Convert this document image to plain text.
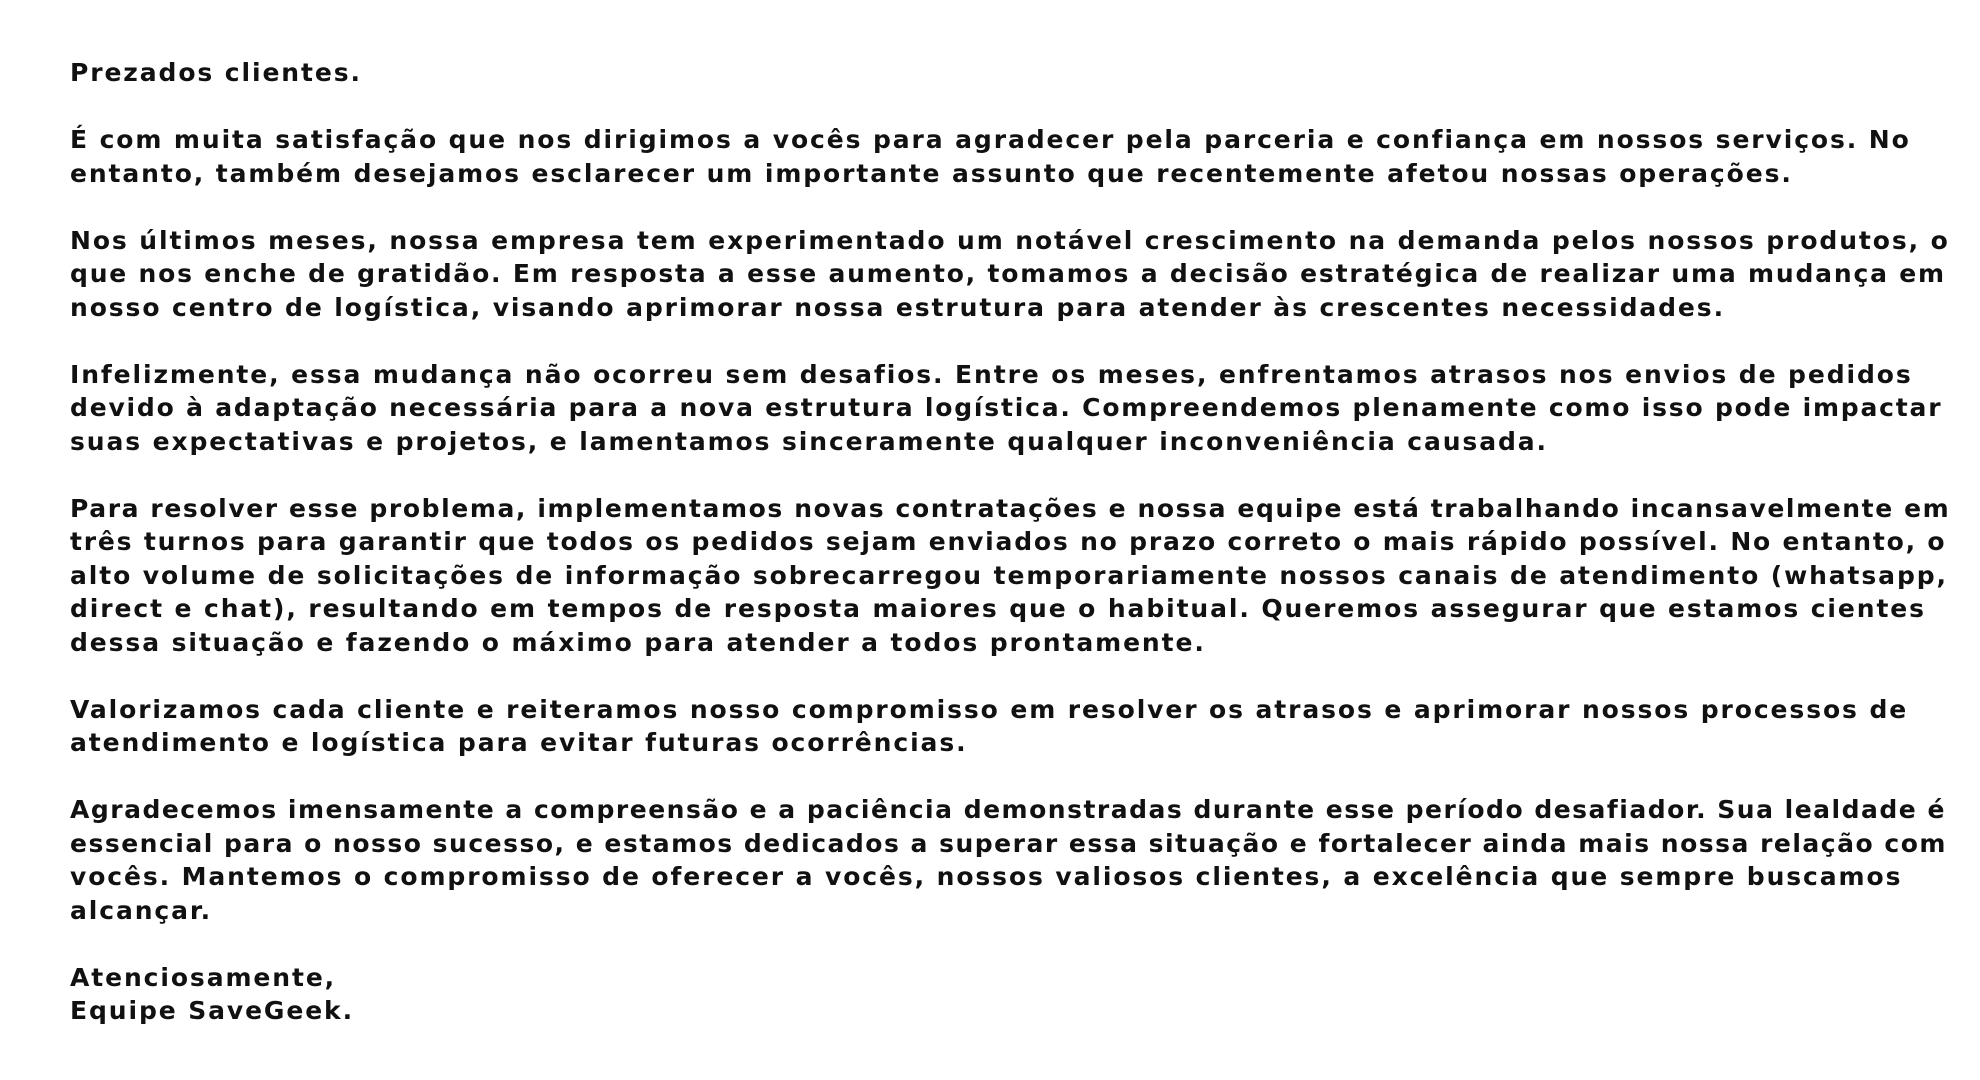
Prezados clientes.

É com muita satisfação que nos dirigimos a vocês para agradecer pela parceria e confiança em nossos serviços. No
entanto, também desejamos esclarecer um importante assunto que recentemente afetou nossas operações.

Nos últimos meses, nossa empresa tem experimentado um notável crescimento na demanda pelos nossos produtos, o
que nos enche de gratidão. Em resposta a esse aumento, tomamos a decisão estratégica de realizar uma mudança em
nosso centro de logística, visando aprimorar nossa estrutura para atender às crescentes necessidades.

Infelizmente, essa mudança não ocorreu sem desafios. Entre os meses, enfrentamos atrasos nos envios de pedidos
devido à adaptação necessária para a nova estrutura logística. Compreendemos plenamente como isso pode impactar
suas expectativas e projetos, e lamentamos sinceramente qualquer inconveniência causada.

Para resolver esse problema, implementamos novas contratações e nossa equipe está trabalhando incansavelmente em
três turnos para garantir que todos os pedidos sejam enviados no prazo correto o mais rápido possível. No entanto, o
alto volume de solicitações de informação sobrecarregou temporariamente nossos canais de atendimento (whatsapp,
direct e chat), resultando em tempos de resposta maiores que o habitual. Queremos assegurar que estamos cientes
dessa situação e fazendo o máximo para atender a todos prontamente.

Valorizamos cada cliente e reiteramos nosso compromisso em resolver os atrasos e aprimorar nossos processos de
atendimento e logística para evitar futuras ocorrências.

Agradecemos imensamente a compreensão e a paciência demonstradas durante esse período desafiador. Sua lealdade é
essencial para o nosso sucesso, e estamos dedicados a superar essa situação e fortalecer ainda mais nossa relação com
vocês. Mantemos o compromisso de oferecer a vocês, nossos valiosos clientes, a excelência que sempre buscamos
alcançar.

Atenciosamente,
Equipe SaveGeek.
